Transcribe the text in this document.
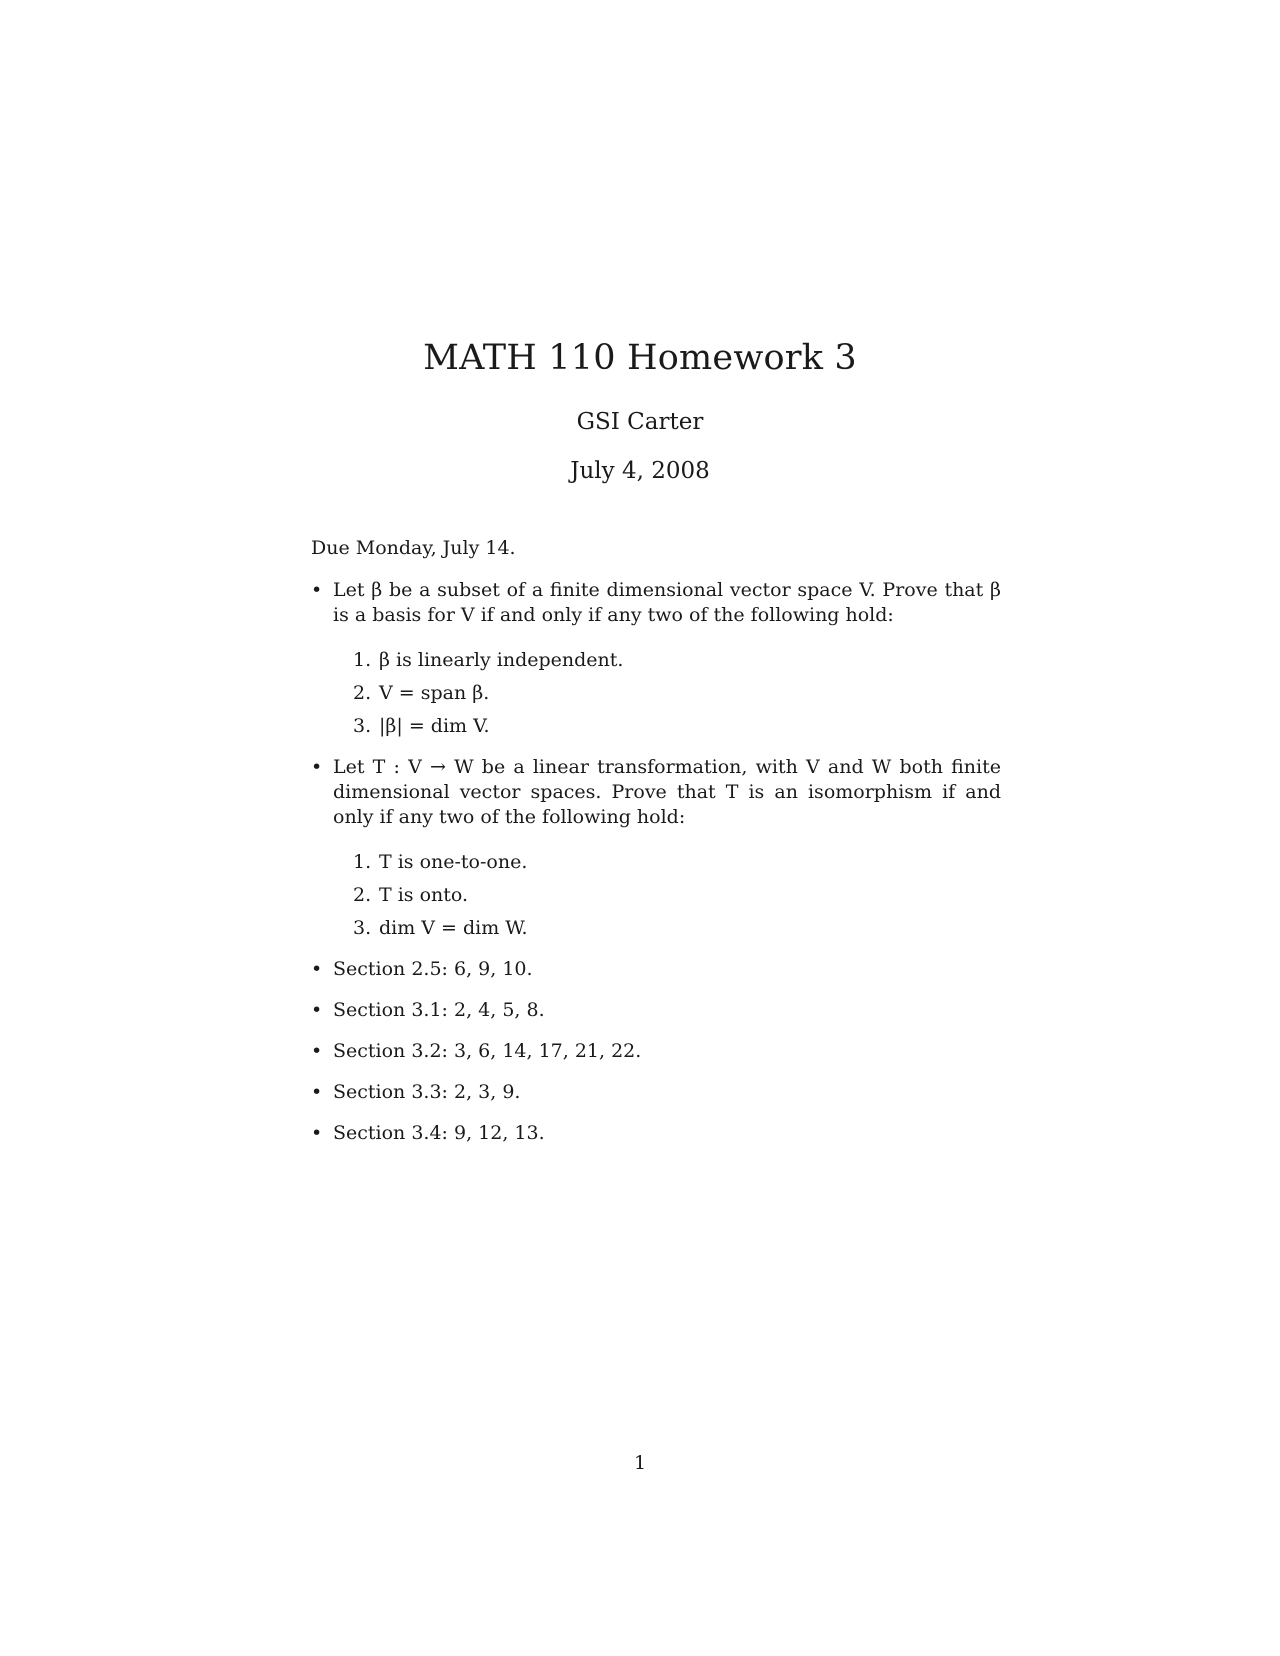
MATH 110 Homework 3
GSI Carter
July 4, 2008

Due Monday, July 14.

• Let β be a subset of a finite dimensional vector space V. Prove that β is a basis for V if and only if any two of the following hold:
1. β is linearly independent.
2. V = span β.
3. |β| = dim V.
• Let T : V → W be a linear transformation, with V and W both finite dimensional vector spaces. Prove that T is an isomorphism if and only if any two of the following hold:
1. T is one-to-one.
2. T is onto.
3. dim V = dim W.
• Section 2.5: 6, 9, 10.
• Section 3.1: 2, 4, 5, 8.
• Section 3.2: 3, 6, 14, 17, 21, 22.
• Section 3.3: 2, 3, 9.
• Section 3.4: 9, 12, 13.
1
